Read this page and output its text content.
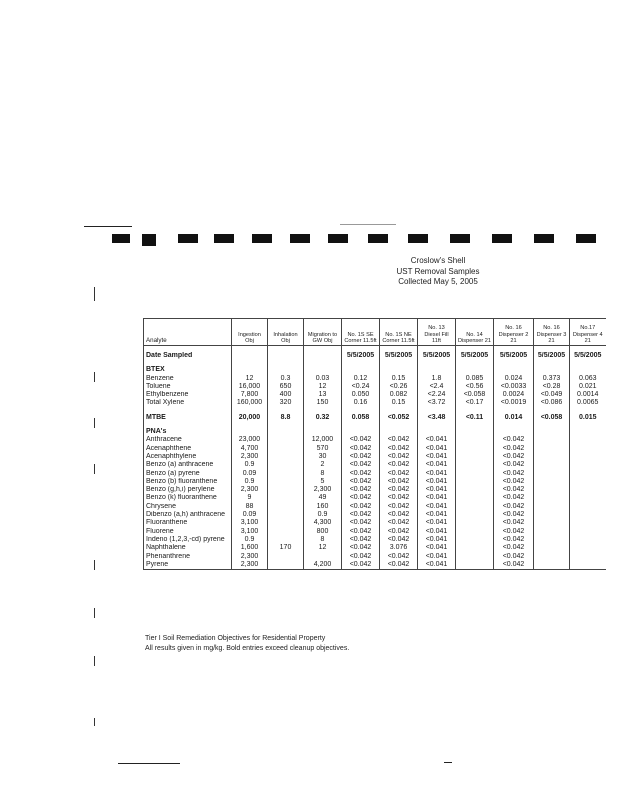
Croslow's Shell
UST Removal Samples
Collected May 5, 2005
Analyte	Ingestion Obj	Inhalation Obj	Migration to GW Obj	No. 1S SE Corner 11.5ft	No. 1S NE Corner 11.5ft	No. 13 Diesel Fill 11ft	No. 14 Dispenser 21	No. 16 Dispenser 2 21	No. 16 Dispenser 3 21	No.17 Dispenser 4 21

Date Sampled				5/5/2005	5/5/2005	5/5/2005	5/5/2005	5/5/2005	5/5/2005	5/5/2005

BTEX										
Benzene	12	0.3	0.03	0.12	0.15	1.8	0.085	0.024	0.373	0.063
Toluene	16,000	650	12	<0.24	<0.26	<2.4	<0.56	<0.0033	<0.28	0.021
Ethylbenzene	7,800	400	13	0.050	0.082	<2.24	<0.058	0.0024	<0.049	0.0014
Total Xylene	160,000	320	150	0.16	0.15	<3.72	<0.17	<0.0019	<0.086	0.0065

MTBE	20,000	8.8	0.32	0.058	<0.052	<3.48	<0.11	0.014	<0.058	0.015

PNA's										
Anthracene	23,000		12,000	<0.042	<0.042	<0.041		<0.042		
Acenaphthene	4,700		570	<0.042	<0.042	<0.041		<0.042		
Acenaphthylene	2,300		30	<0.042	<0.042	<0.041		<0.042		
Benzo (a) anthracene	0.9		2	<0.042	<0.042	<0.041		<0.042		
Benzo (a) pyrene	0.09		8	<0.042	<0.042	<0.041		<0.042		
Benzo (b) fluoranthene	0.9		5	<0.042	<0.042	<0.041		<0.042		
Benzo (g,h,i) perylene	2,300		2,300	<0.042	<0.042	<0.041		<0.042		
Benzo (k) fluoranthene	9		49	<0.042	<0.042	<0.041		<0.042		
Chrysene	88		160	<0.042	<0.042	<0.041		<0.042		
Dibenzo (a,h) anthracene	0.09		0.9	<0.042	<0.042	<0.041		<0.042		
Fluoranthene	3,100		4,300	<0.042	<0.042	<0.041		<0.042		
Fluorene	3,100		800	<0.042	<0.042	<0.041		<0.042		
Indeno (1,2,3,-cd) pyrene	0.9		8	<0.042	<0.042	<0.041		<0.042		
Naphthalene	1,600	170	12	<0.042	3.076	<0.041		<0.042		
Phenanthrene	2,300			<0.042	<0.042	<0.041		<0.042		
Pyrene	2,300		4,200	<0.042	<0.042	<0.041		<0.042		
Tier I Soil Remediation Objectives for Residential Property
All results given in mg/kg. Bold entries exceed cleanup objectives.
